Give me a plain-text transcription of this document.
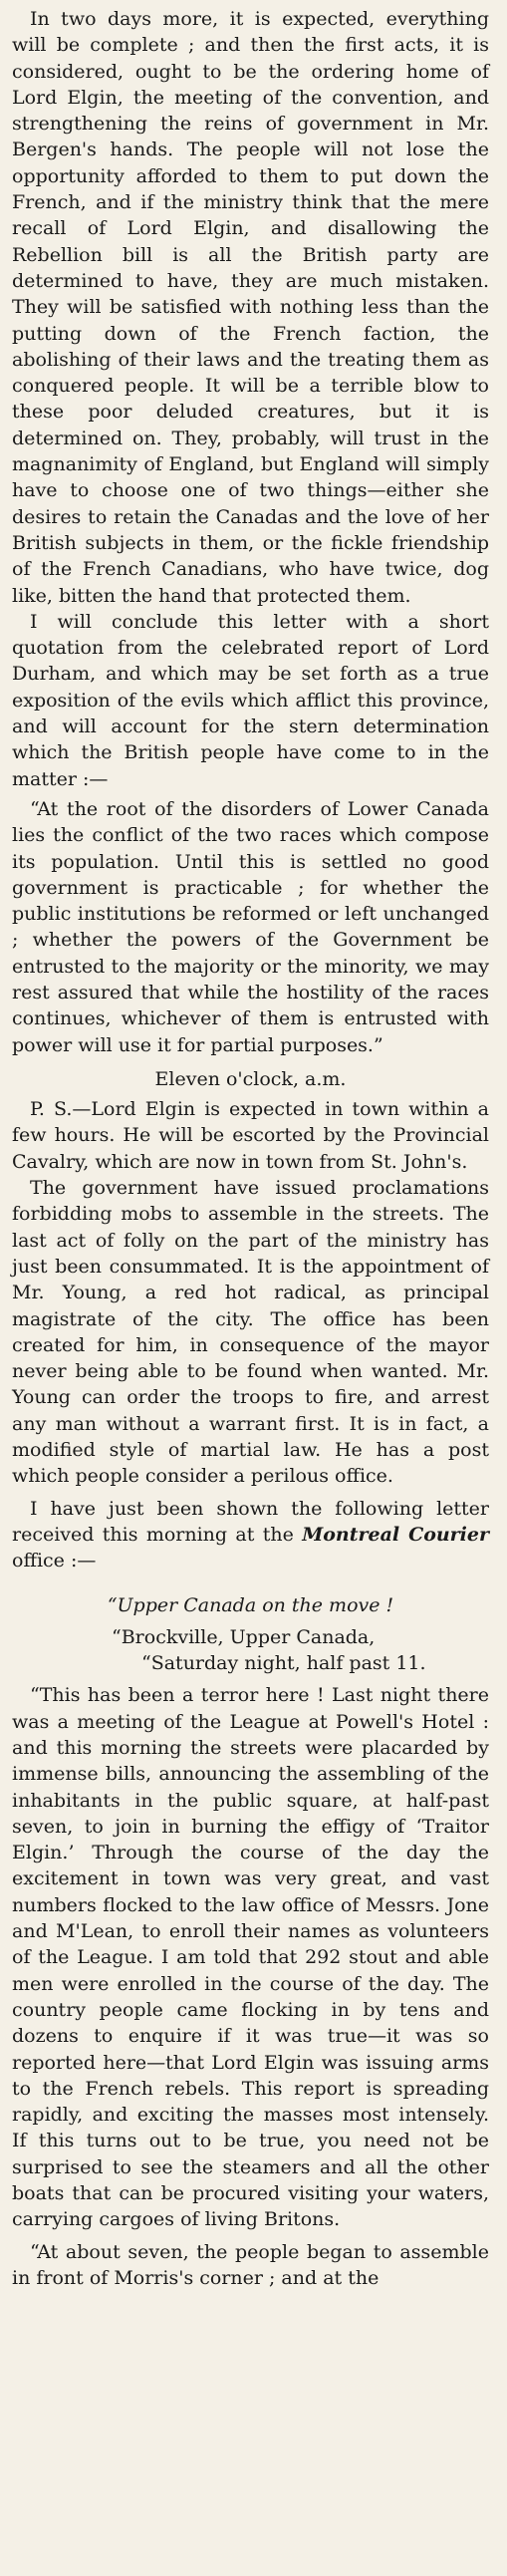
In two days more, it is expected, everything will be complete ; and then the first acts, it is considered, ought to be the ordering home of Lord Elgin, the meeting of the convention, and strengthening the reins of government in Mr. Bergen's hands. The people will not lose the opportunity afforded to them to put down the French, and if the ministry think that the mere recall of Lord Elgin, and disallowing the Rebellion bill is all the British party are determined to have, they are much mistaken. They will be satisfied with nothing less than the putting down of the French faction, the abolishing of their laws and the treating them as conquered people. It will be a terrible blow to these poor deluded creatures, but it is determined on. They, probably, will trust in the magnanimity of England, but England will simply have to choose one of two things—either she desires to retain the Canadas and the love of her British subjects in them, or the fickle friendship of the French Canadians, who have twice, dog like, bitten the hand that protected them.

I will conclude this letter with a short quotation from the celebrated report of Lord Durham, and which may be set forth as a true exposition of the evils which afflict this province, and will account for the stern determination which the British people have come to in the matter :—

“At the root of the disorders of Lower Canada lies the conflict of the two races which compose its population. Until this is settled no good government is practicable ; for whether the public institutions be reformed or left unchanged ; whether the powers of the Government be entrusted to the majority or the minority, we may rest assured that while the hostility of the races continues, whichever of them is entrusted with power will use it for partial purposes.”

Eleven o'clock, a.m.

P. S.—Lord Elgin is expected in town within a few hours. He will be escorted by the Provincial Cavalry, which are now in town from St. John's.

The government have issued proclamations forbidding mobs to assemble in the streets. The last act of folly on the part of the ministry has just been consummated. It is the appointment of Mr. Young, a red hot radical, as principal magistrate of the city. The office has been created for him, in consequence of the mayor never being able to be found when wanted. Mr. Young can order the troops to fire, and arrest any man without a warrant first. It is in fact, a modified style of martial law. He has a post which people consider a perilous office.

I have just been shown the following letter received this morning at the Montreal Courier office :—

“Upper Canada on the move !

“Brockville, Upper Canada,

“Saturday night, half past 11.

“This has been a terror here ! Last night there was a meeting of the League at Powell's Hotel : and this morning the streets were placarded by immense bills, announcing the assembling of the inhabitants in the public square, at half-past seven, to join in burning the effigy of ‘Traitor Elgin.’ Through the course of the day the excitement in town was very great, and vast numbers flocked to the law office of Messrs. Jone and M'Lean, to enroll their names as volunteers of the League. I am told that 292 stout and able men were enrolled in the course of the day. The country people came flocking in by tens and dozens to enquire if it was true—it was so reported here—that Lord Elgin was issuing arms to the French rebels. This report is spreading rapidly, and exciting the masses most intensely. If this turns out to be true, you need not be surprised to see the steamers and all the other boats that can be procured visiting your waters, carrying cargoes of living Britons.

“At about seven, the people began to assemble in front of Morris's corner ; and at the
